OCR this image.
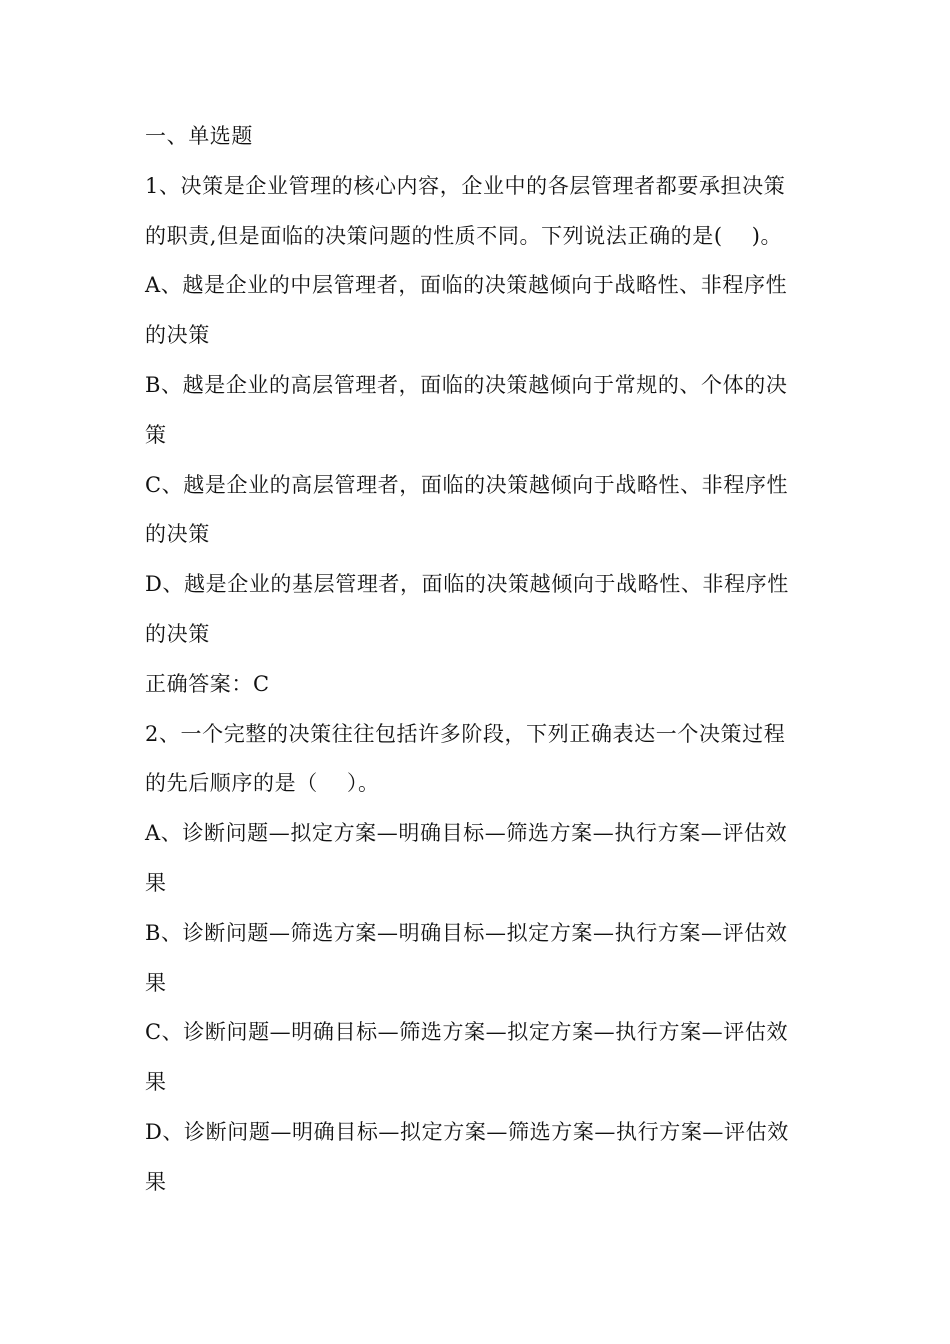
一、单选题
1、决策是企业管理的核心内容，企业中的各层管理者都要承担决策
的职责,但是面临的决策问题的性质不同。下列说法正确的是(    )。
A、越是企业的中层管理者，面临的决策越倾向于战略性、非程序性
的决策
B、越是企业的高层管理者，面临的决策越倾向于常规的、个体的决
策
C、越是企业的高层管理者，面临的决策越倾向于战略性、非程序性
的决策
D、越是企业的基层管理者，面临的决策越倾向于战略性、非程序性
的决策
正确答案：C
2、一个完整的决策往往包括许多阶段，下列正确表达一个决策过程
的先后顺序的是（    ）。
A、诊断问题—拟定方案—明确目标—筛选方案—执行方案—评估效
果
B、诊断问题—筛选方案—明确目标—拟定方案—执行方案—评估效
果
C、诊断问题—明确目标—筛选方案—拟定方案—执行方案—评估效
果
D、诊断问题—明确目标—拟定方案—筛选方案—执行方案—评估效
果
